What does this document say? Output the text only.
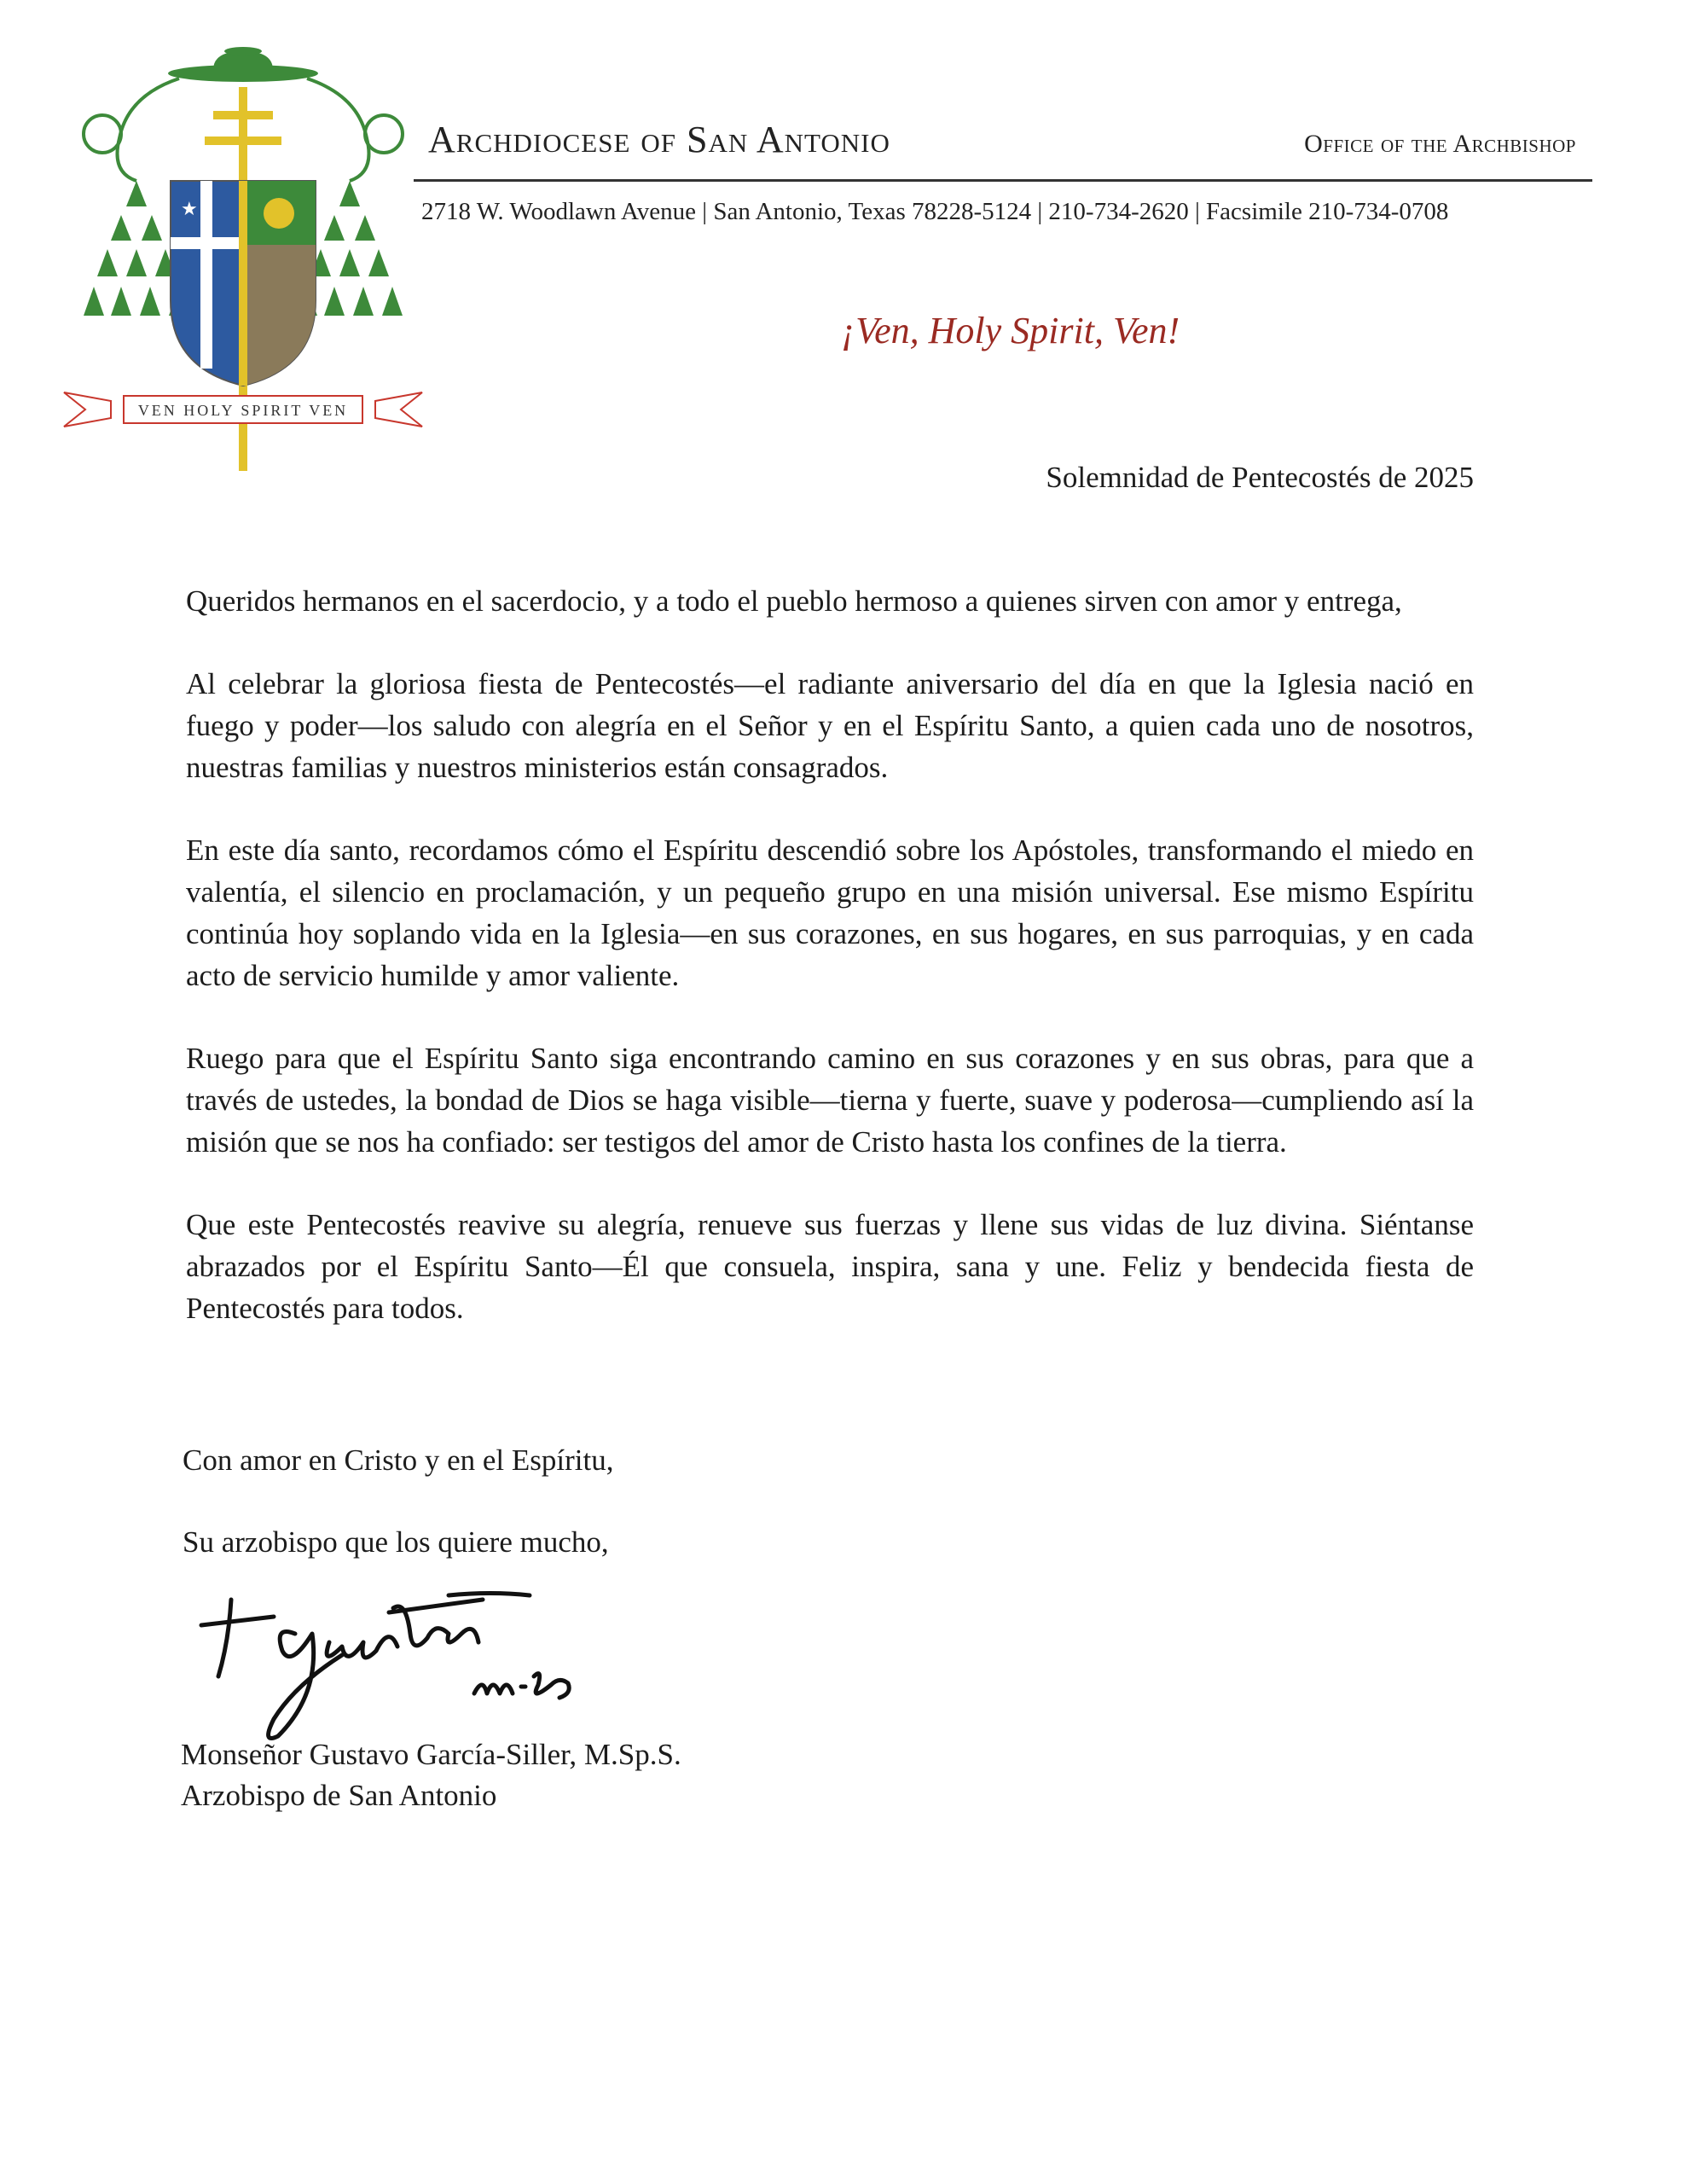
★
VEN HOLY SPIRIT VEN
Archdiocese of San Antonio	Office of the Archbishop
2718 W. Woodlawn Avenue | San Antonio, Texas 78228-5124 | 210-734-2620 | Facsimile 210-734-0708
¡Ven, Holy Spirit, Ven!
Solemnidad de Pentecostés de 2025

Queridos hermanos en el sacerdocio, y a todo el pueblo hermoso a quienes sirven con amor y entrega,

Al celebrar la gloriosa fiesta de Pentecostés—el radiante aniversario del día en que la Iglesia nació en fuego y poder—los saludo con alegría en el Señor y en el Espíritu Santo, a quien cada uno de nosotros, nuestras familias y nuestros ministerios están consagrados.

En este día santo, recordamos cómo el Espíritu descendió sobre los Apóstoles, transformando el miedo en valentía, el silencio en proclamación, y un pequeño grupo en una misión universal. Ese mismo Espíritu continúa hoy soplando vida en la Iglesia—en sus corazones, en sus hogares, en sus parroquias, y en cada acto de servicio humilde y amor valiente.

Ruego para que el Espíritu Santo siga encontrando camino en sus corazones y en sus obras, para que a través de ustedes, la bondad de Dios se haga visible—tierna y fuerte, suave y poderosa—cumpliendo así la misión que se nos ha confiado: ser testigos del amor de Cristo hasta los confines de la tierra.

Que este Pentecostés reavive su alegría, renueve sus fuerzas y llene sus vidas de luz divina. Siéntanse abrazados por el Espíritu Santo—Él que consuela, inspira, sana y une. Feliz y bendecida fiesta de Pentecostés para todos.

Con amor en Cristo y en el Espíritu,
Su arzobispo que los quiere mucho,
Monseñor Gustavo García-Siller, M.Sp.S.
Arzobispo de San Antonio
